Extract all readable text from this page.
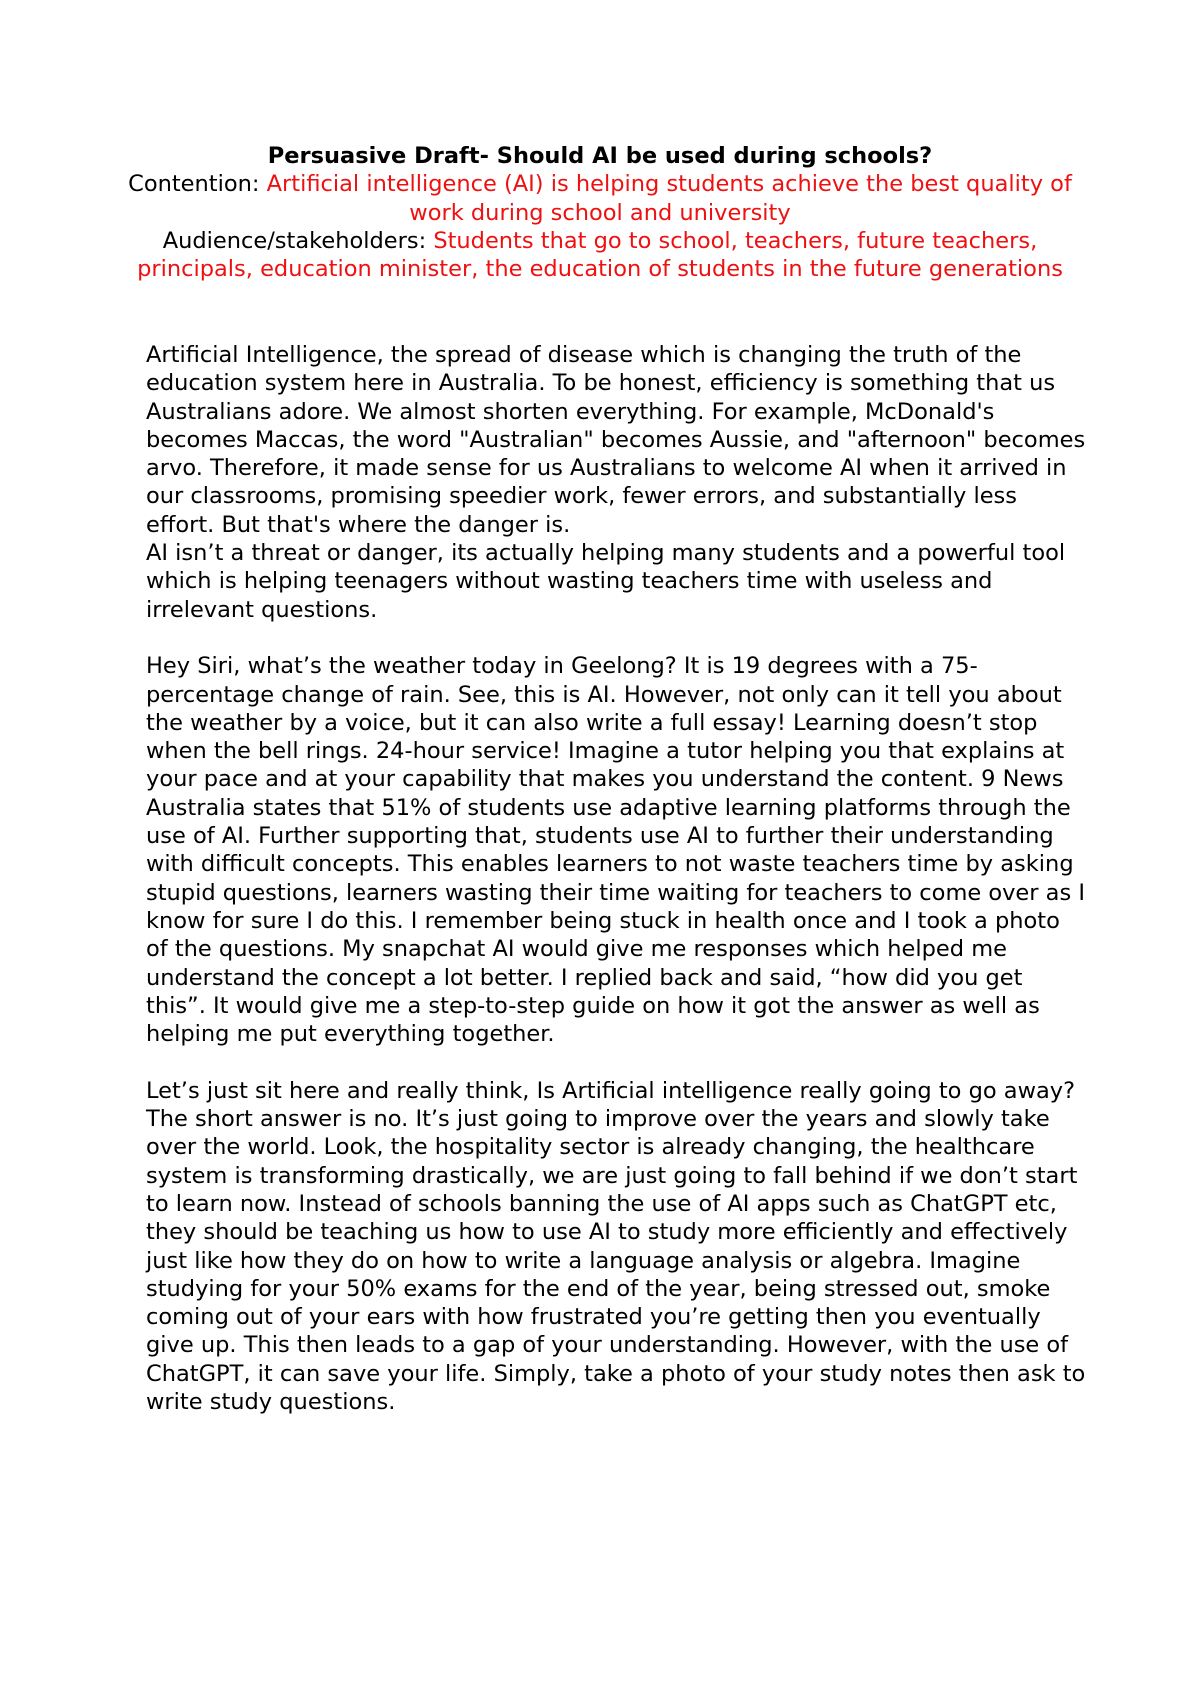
Persuasive Draft- Should AI be used during schools?

Contention: Artificial intelligence (AI) is helping students achieve the best quality of work during school and university

Audience/stakeholders: Students that go to school, teachers, future teachers, principals, education minister, the education of students in the future generations

Artificial Intelligence, the spread of disease which is changing the truth of the education system here in Australia. To be honest, efficiency is something that us Australians adore. We almost shorten everything. For example, McDonald's becomes Maccas, the word "Australian" becomes Aussie, and "afternoon" becomes arvo. Therefore, it made sense for us Australians to welcome AI when it arrived in our classrooms, promising speedier work, fewer errors, and substantially less effort. But that's where the danger is.

AI isn’t a threat or danger, its actually helping many students and a powerful tool which is helping teenagers without wasting teachers time with useless and irrelevant questions.

Hey Siri, what’s the weather today in Geelong? It is 19 degrees with a 75-percentage change of rain. See, this is AI. However, not only can it tell you about the weather by a voice, but it can also write a full essay! Learning doesn’t stop when the bell rings. 24-hour service! Imagine a tutor helping you that explains at your pace and at your capability that makes you understand the content. 9 News Australia states that 51% of students use adaptive learning platforms through the use of AI. Further supporting that, students use AI to further their understanding with difficult concepts. This enables learners to not waste teachers time by asking stupid questions, learners wasting their time waiting for teachers to come over as I know for sure I do this. I remember being stuck in health once and I took a photo of the questions. My snapchat AI would give me responses which helped me understand the concept a lot better. I replied back and said, “how did you get this”. It would give me a step-to-step guide on how it got the answer as well as helping me put everything together.

Let’s just sit here and really think, Is Artificial intelligence really going to go away? The short answer is no. It’s just going to improve over the years and slowly take over the world. Look, the hospitality sector is already changing, the healthcare system is transforming drastically, we are just going to fall behind if we don’t start to learn now. Instead of schools banning the use of AI apps such as ChatGPT etc, they should be teaching us how to use AI to study more efficiently and effectively just like how they do on how to write a language analysis or algebra. Imagine studying for your 50% exams for the end of the year, being stressed out, smoke coming out of your ears with how frustrated you’re getting then you eventually give up. This then leads to a gap of your understanding. However, with the use of ChatGPT, it can save your life. Simply, take a photo of your study notes then ask to write study questions.
